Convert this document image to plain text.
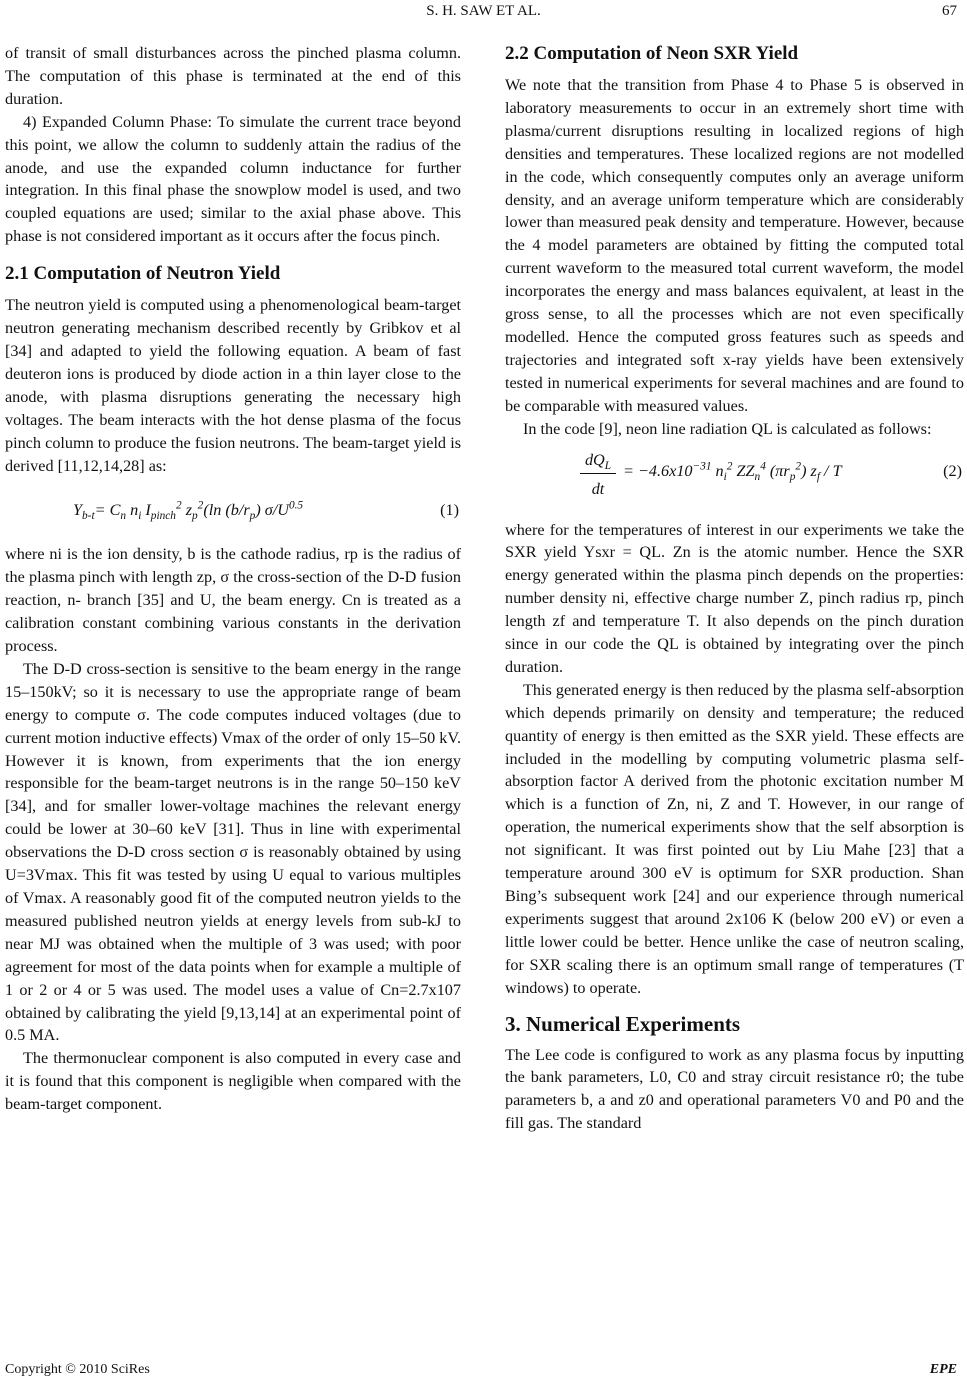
S. H. SAW ET AL.	67

of transit of small disturbances across the pinched plasma column. The computation of this phase is terminated at the end of this duration.

4) Expanded Column Phase: To simulate the current trace beyond this point, we allow the column to suddenly attain the radius of the anode, and use the expanded column inductance for further integration. In this final phase the snowplow model is used, and two coupled equations are used; similar to the axial phase above. This phase is not considered important as it occurs after the focus pinch.

2.1 Computation of Neutron Yield

The neutron yield is computed using a phenomenological beam-target neutron generating mechanism described recently by Gribkov et al [34] and adapted to yield the following equation. A beam of fast deuteron ions is produced by diode action in a thin layer close to the anode, with plasma disruptions generating the necessary high voltages. The beam interacts with the hot dense plasma of the focus pinch column to produce the fusion neutrons. The beam-target yield is derived [11,12,14,28] as:

$Y_{b-t}= C_n$ $n_i$ $I_{pinch}^2$ $z_p^2(\ln$ $(b/r_p)$ $\sigma/U^{0.5}$	(1)

where ni is the ion density, b is the cathode radius, rp is the radius of the plasma pinch with length zp, σ the cross-section of the D-D fusion reaction, n- branch [35] and U, the beam energy. Cn is treated as a calibration constant combining various constants in the derivation process.

The D-D cross-section is sensitive to the beam energy in the range 15–150kV; so it is necessary to use the appropriate range of beam energy to compute σ. The code computes induced voltages (due to current motion inductive effects) Vmax of the order of only 15–50 kV. However it is known, from experiments that the ion energy responsible for the beam-target neutrons is in the range 50–150 keV [34], and for smaller lower-voltage machines the relevant energy could be lower at 30–60 keV [31]. Thus in line with experimental observations the D-D cross section σ is reasonably obtained by using U=3Vmax. This fit was tested by using U equal to various multiples of Vmax. A reasonably good fit of the computed neutron yields to the measured published neutron yields at energy levels from sub-kJ to near MJ was obtained when the multiple of 3 was used; with poor agreement for most of the data points when for example a multiple of 1 or 2 or 4 or 5 was used. The model uses a value of Cn=2.7x107 obtained by calibrating the yield [9,13,14] at an experimental point of 0.5 MA.

The thermonuclear component is also computed in every case and it is found that this component is negligible when compared with the beam-target component.

2.2 Computation of Neon SXR Yield

We note that the transition from Phase 4 to Phase 5 is observed in laboratory measurements to occur in an extremely short time with plasma/current disruptions resulting in localized regions of high densities and temperatures. These localized regions are not modelled in the code, which consequently computes only an average uniform density, and an average uniform temperature which are considerably lower than measured peak density and temperature. However, because the 4 model parameters are obtained by fitting the computed total current waveform to the measured total current waveform, the model incorporates the energy and mass balances equivalent, at least in the gross sense, to all the processes which are not even specifically modelled. Hence the computed gross features such as speeds and trajectories and integrated soft x-ray yields have been extensively tested in numerical experiments for several machines and are found to be comparable with measured values.

In the code [9], neon line radiation QL is calculated as follows:

$dQ_L$
dt
= $-4.6x10^{-31}$ $n_i^2$ $ZZ_n^4$ $(\pi r_p^2)$ $z_f$ / T	(2)

where for the temperatures of interest in our experiments we take the SXR yield Ysxr = QL. Zn is the atomic number. Hence the SXR energy generated within the plasma pinch depends on the properties: number density ni, effective charge number Z, pinch radius rp, pinch length zf and temperature T. It also depends on the pinch duration since in our code the QL is obtained by integrating over the pinch duration.

This generated energy is then reduced by the plasma self-absorption which depends primarily on density and temperature; the reduced quantity of energy is then emitted as the SXR yield. These effects are included in the modelling by computing volumetric plasma self-absorption factor A derived from the photonic excitation number M which is a function of Zn, ni, Z and T. However, in our range of operation, the numerical experiments show that the self absorption is not significant. It was first pointed out by Liu Mahe [23] that a temperature around 300 eV is optimum for SXR production. Shan Bing’s subsequent work [24] and our experience through numerical experiments suggest that around 2x106 K (below 200 eV) or even a little lower could be better. Hence unlike the case of neutron scaling, for SXR scaling there is an optimum small range of temperatures (T windows) to operate.

3. Numerical Experiments

The Lee code is configured to work as any plasma focus by inputting the bank parameters, L0, C0 and stray circuit resistance r0; the tube parameters b, a and z0 and operational parameters V0 and P0 and the fill gas. The standard

Copyright © 2010 SciRes	EPE
